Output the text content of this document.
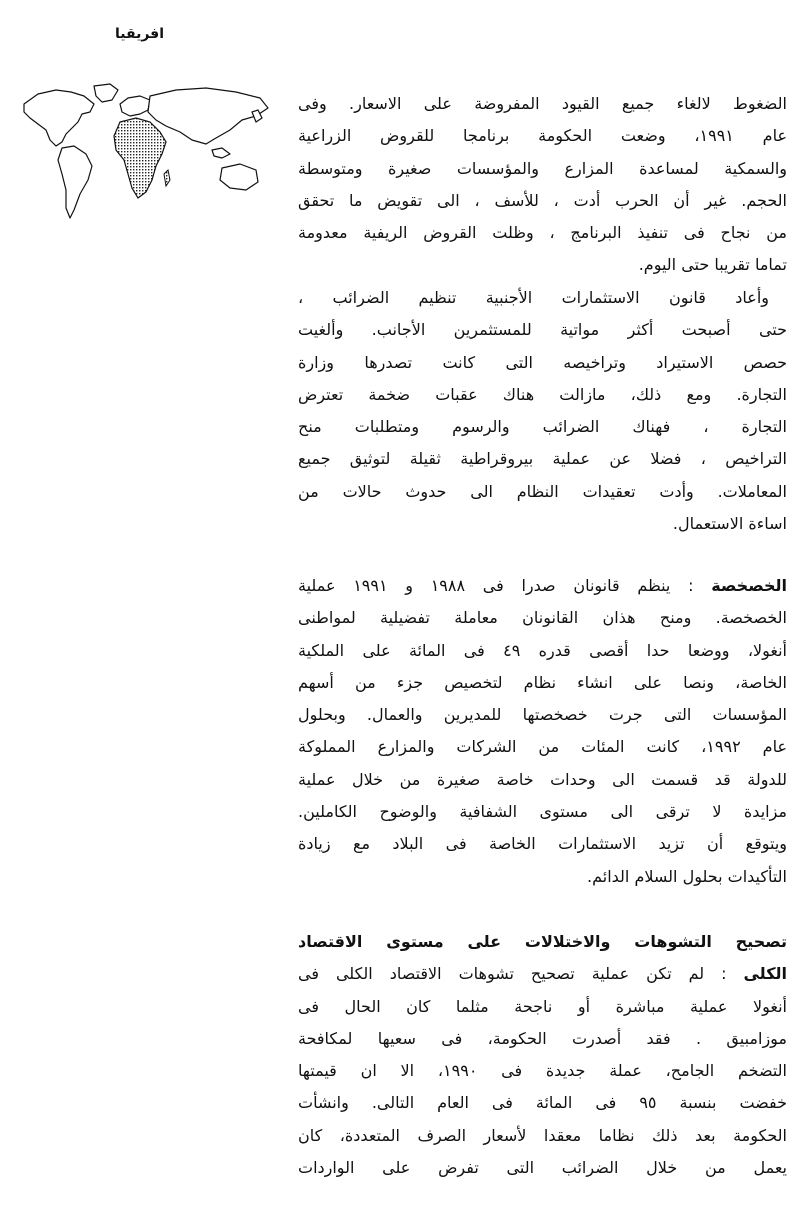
افريقيا
الضغوط لالغاء جميع القيود المفروضة على الاسعار. وفى
عام ١٩٩١، وضعت الحكومة برنامجا للقروض الزراعية
والسمكية لمساعدة المزارع والمؤسسات صغيرة ومتوسطة
الحجم. غير أن الحرب أدت ، للأسف ، الى تقويض ما تحقق
من نجاح فى تنفيذ البرنامج ، وظلت القروض الريفية معدومة
تماما تقريبا حتى اليوم.
وأعاد قانون الاستثمارات الأجنبية تنظيم الضرائب ،
حتى أصبحت أكثر مواتية للمستثمرين الأجانب. وألغيت
حصص الاستيراد وتراخيصه التى كانت تصدرها وزارة
التجارة. ومع ذلك، مازالت هناك عقبات ضخمة تعترض
التجارة ، فهناك الضرائب والرسوم ومتطلبات منح
التراخيص ، فضلا عن عملية بيروقراطية ثقيلة لتوثيق جميع
المعاملات. وأدت تعقيدات النظام الى حدوث حالات من
اساءة الاستعمال.
الخصخصة : ينظم قانونان صدرا فى ١٩٨٨ و ١٩٩١ عملية
الخصخصة. ومنح هذان القانونان معاملة تفضيلية لمواطنى
أنغولا، ووضعا حدا أقصى قدره ٤٩ فى المائة على الملكية
الخاصة، ونصا على انشاء نظام لتخصيص جزء من أسهم
المؤسسات التى جرت خصخصتها للمديرين والعمال. وبحلول
عام ١٩٩٢، كانت المئات من الشركات والمزارع المملوكة
للدولة قد قسمت الى وحدات خاصة صغيرة من خلال عملية
مزايدة لا ترقى الى مستوى الشفافية والوضوح الكاملين.
ويتوقع أن تزيد الاستثمارات الخاصة فى البلاد مع زيادة
التأكيدات بحلول السلام الدائم.
تصحيح التشوهات والاختلالات على مستوى الاقتصاد
الكلى : لم تكن عملية تصحيح تشوهات الاقتصاد الكلى فى
أنغولا عملية مباشرة أو ناجحة مثلما كان الحال فى
موزامبيق . فقد أصدرت الحكومة، فى سعيها لمكافحة
التضخم الجامح، عملة جديدة فى ١٩٩٠، الا ان قيمتها
خفضت بنسبة ٩٥ فى المائة فى العام التالى. وانشأت
الحكومة بعد ذلك نظاما معقدا لأسعار الصرف المتعددة، كان
يعمل من خلال الضرائب التى تفرض على الواردات
